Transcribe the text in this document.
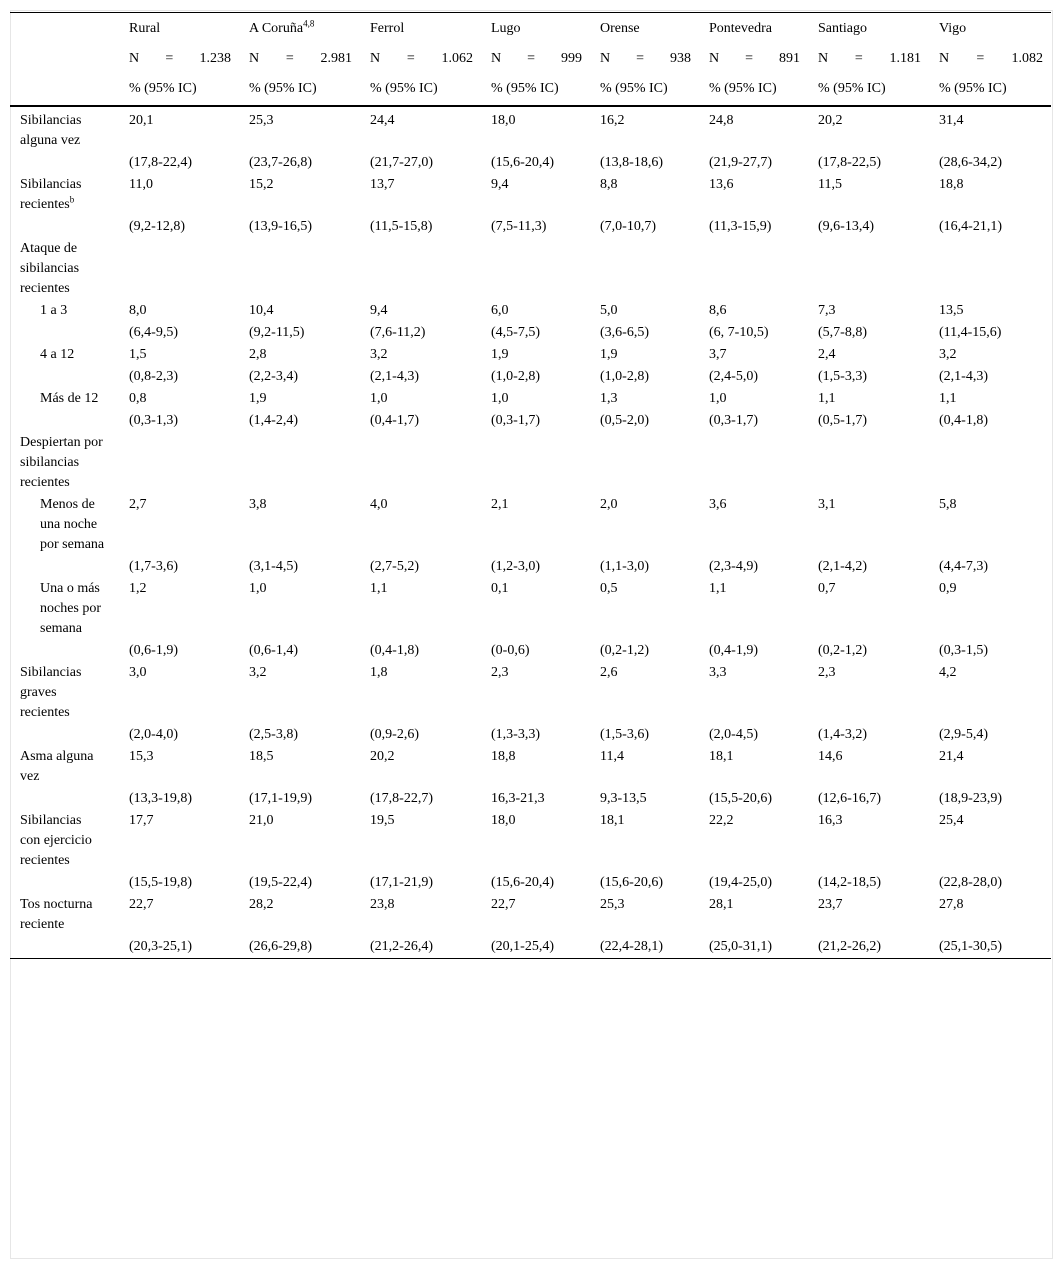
	Rural	A Coruña$^{4,8}$	Ferrol	Lugo	Orense	Pontevedra	Santiago	Vigo

	N = 1.238	N = 2.981	N = 1.062	N = 999	N = 938	N = 891	N = 1.181	N = 1.082

	% (95% IC)	% (95% IC)	% (95% IC)	% (95% IC)	% (95% IC)	% (95% IC)	% (95% IC)	% (95% IC)
Sibilancias alguna vez	20,1	25,3	24,4	18,0	16,2	24,8	20,2	31,4
	(17,8-22,4)	(23,7-26,8)	(21,7-27,0)	(15,6-20,4)	(13,8-18,6)	(21,9-27,7)	(17,8-22,5)	(28,6-34,2)
Sibilancias recientes$^b$	11,0	15,2	13,7	9,4	8,8	13,6	11,5	18,8
	(9,2-12,8)	(13,9-16,5)	(11,5-15,8)	(7,5-11,3)	(7,0-10,7)	(11,3-15,9)	(9,6-13,4)	(16,4-21,1)
Ataque de sibilancias recientes								
1 a 3	8,0	10,4	9,4	6,0	5,0	8,6	7,3	13,5
	(6,4-9,5)	(9,2-11,5)	(7,6-11,2)	(4,5-7,5)	(3,6-6,5)	(6, 7-10,5)	(5,7-8,8)	(11,4-15,6)
4 a 12	1,5	2,8	3,2	1,9	1,9	3,7	2,4	3,2
	(0,8-2,3)	(2,2-3,4)	(2,1-4,3)	(1,0-2,8)	(1,0-2,8)	(2,4-5,0)	(1,5-3,3)	(2,1-4,3)
Más de 12	0,8	1,9	1,0	1,0	1,3	1,0	1,1	1,1
	(0,3-1,3)	(1,4-2,4)	(0,4-1,7)	(0,3-1,7)	(0,5-2,0)	(0,3-1,7)	(0,5-1,7)	(0,4-1,8)
Despiertan por sibilancias recientes								
Menos de una noche por semana	2,7	3,8	4,0	2,1	2,0	3,6	3,1	5,8
	(1,7-3,6)	(3,1-4,5)	(2,7-5,2)	(1,2-3,0)	(1,1-3,0)	(2,3-4,9)	(2,1-4,2)	(4,4-7,3)
Una o más noches por semana	1,2	1,0	1,1	0,1	0,5	1,1	0,7	0,9
	(0,6-1,9)	(0,6-1,4)	(0,4-1,8)	(0-0,6)	(0,2-1,2)	(0,4-1,9)	(0,2-1,2)	(0,3-1,5)
Sibilancias graves recientes	3,0	3,2	1,8	2,3	2,6	3,3	2,3	4,2
	(2,0-4,0)	(2,5-3,8)	(0,9-2,6)	(1,3-3,3)	(1,5-3,6)	(2,0-4,5)	(1,4-3,2)	(2,9-5,4)
Asma alguna vez	15,3	18,5	20,2	18,8	11,4	18,1	14,6	21,4
	(13,3-19,8)	(17,1-19,9)	(17,8-22,7)	16,3-21,3	9,3-13,5	(15,5-20,6)	(12,6-16,7)	(18,9-23,9)
Sibilancias con ejercicio recientes	17,7	21,0	19,5	18,0	18,1	22,2	16,3	25,4
	(15,5-19,8)	(19,5-22,4)	(17,1-21,9)	(15,6-20,4)	(15,6-20,6)	(19,4-25,0)	(14,2-18,5)	(22,8-28,0)
Tos nocturna reciente	22,7	28,2	23,8	22,7	25,3	28,1	23,7	27,8
	(20,3-25,1)	(26,6-29,8)	(21,2-26,4)	(20,1-25,4)	(22,4-28,1)	(25,0-31,1)	(21,2-26,2)	(25,1-30,5)
